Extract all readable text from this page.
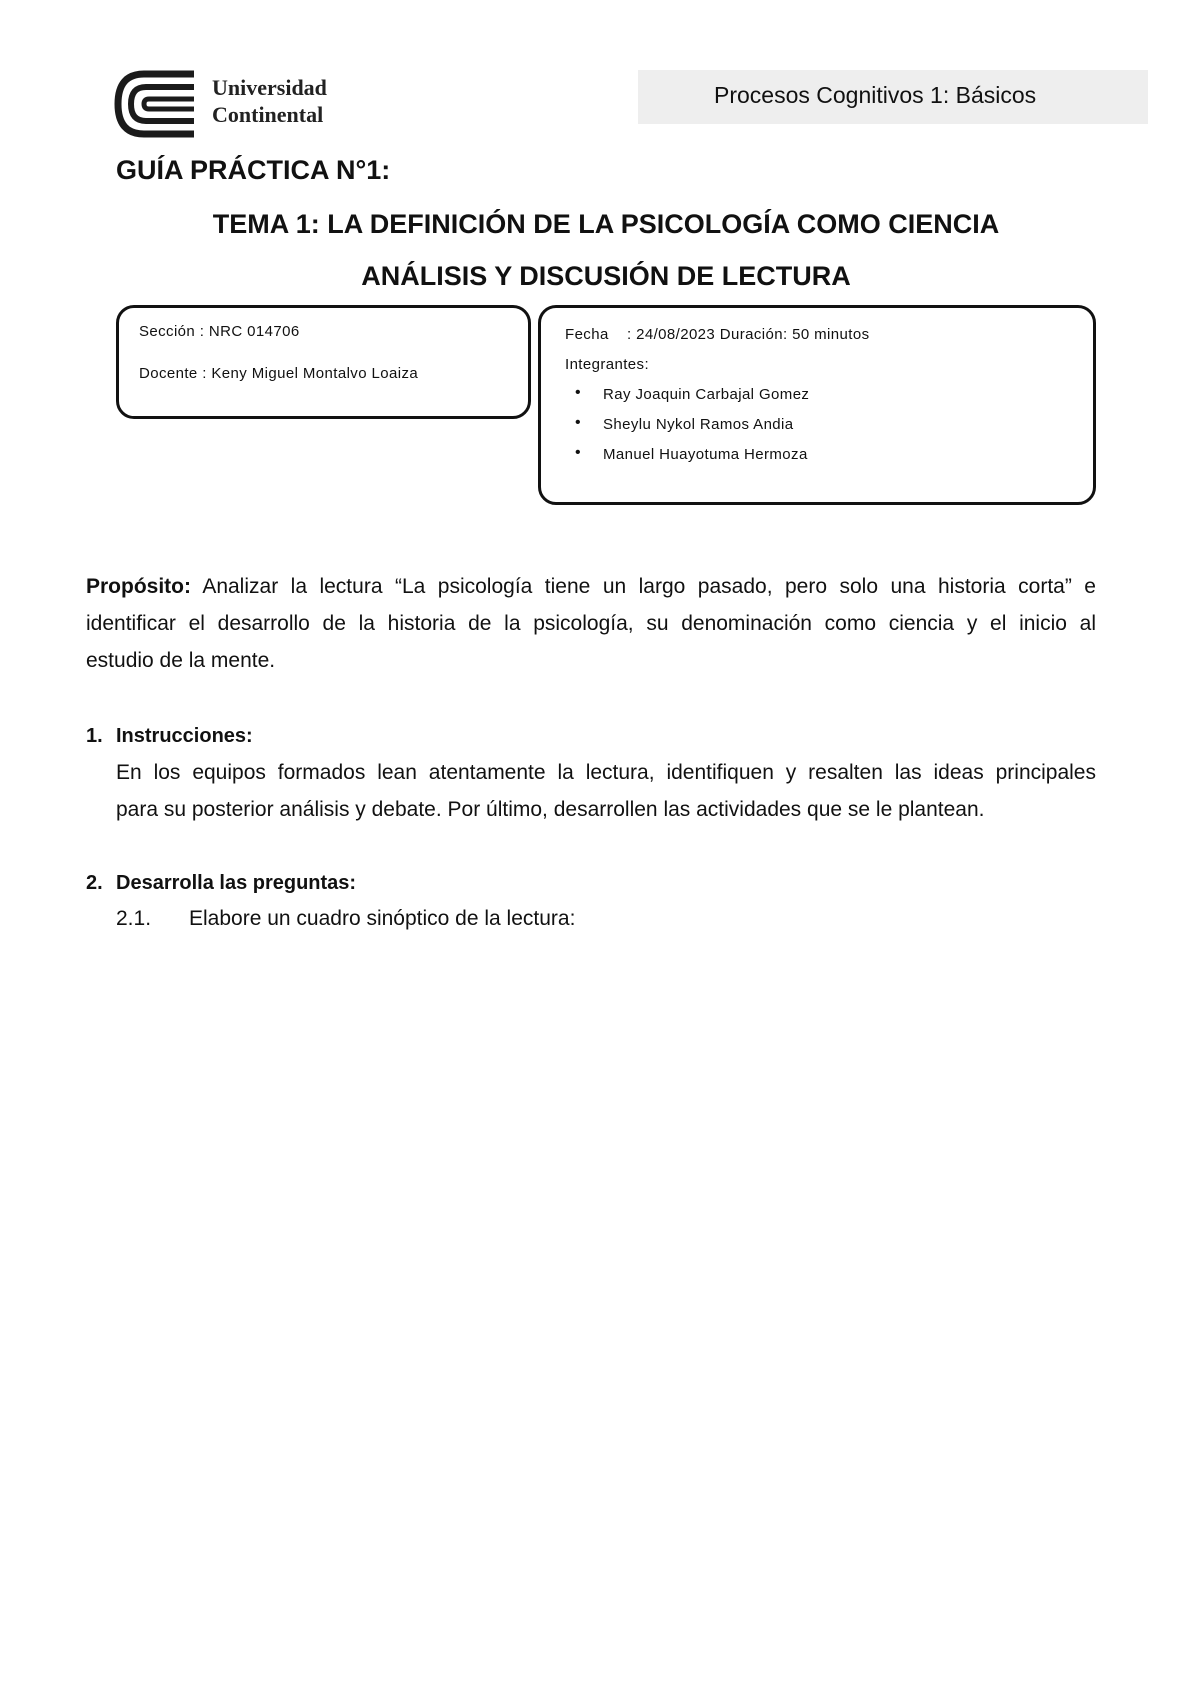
Universidad
Continental
Procesos Cognitivos 1: Básicos
GUÍA PRÁCTICA N°1:
TEMA 1: LA DEFINICIÓN DE LA PSICOLOGÍA COMO CIENCIA
ANÁLISIS Y DISCUSIÓN DE LECTURA
Sección : NRC 014706
Docente : Keny Miguel Montalvo Loaiza
Fecha    : 24/08/2023 Duración: 50 minutos
Integrantes:
• Ray Joaquin Carbajal Gomez
• Sheylu Nykol Ramos Andia
• Manuel Huayotuma Hermoza
Propósito: Analizar la lectura “La psicología tiene un largo pasado, pero solo una historia corta” e
identificar el desarrollo de la historia de la psicología, su denominación como ciencia y el inicio al
estudio de la mente.
1. Instrucciones:
En los equipos formados lean atentamente la lectura, identifiquen y resalten las ideas principales
para su posterior análisis y debate. Por último, desarrollen las actividades que se le plantean.
2. Desarrolla las preguntas:
2.1. Elabore un cuadro sinóptico de la lectura:
